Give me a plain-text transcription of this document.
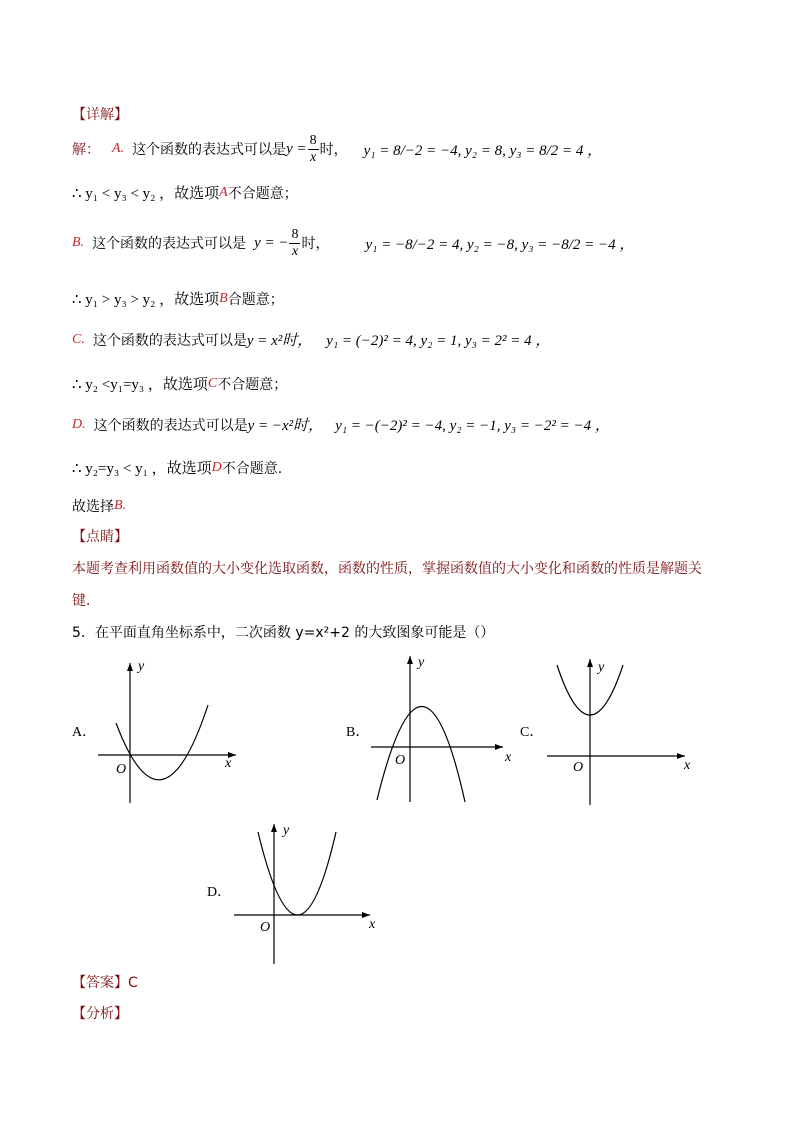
【详解】
解： A. 这个函数的表达式可以是 $y = \frac{8}{x}$ 时， y₁ = 8/−2 = −4, y₂ = 8, y₃ = 8/2 = 4 ，
∴ y₁ < y₃ < y₂ ，故选项 A 不合题意；
B. 这个函数的表达式可以是 y = − $\frac{8}{x}$ 时， y₁ = −8/−2 = 4, y₂ = −8, y₃ = −8/2 = −4 ，
∴ y₁ > y₃ > y₂ ，故选项 B 合题意；
C. 这个函数的表达式可以是 y = x²时， y₁ = (−2)² = 4, y₂ = 1, y₃ = 2² = 4 ，
∴ y₂ <y₁=y₃ ，故选项 C 不合题意；
D. 这个函数的表达式可以是 y = −x²时， y₁ = −(−2)² = −4, y₂ = −1, y₃ = −2² = −4 ，
∴ y₂=y₃ < y₁ ，故选项 D 不合题意.
故选择 B.
【点睛】
本题考查利用函数值的大小变化选取函数，函数的性质，掌握函数值的大小变化和函数的性质是解题关
键．
5．在平面直角坐标系中，二次函数 y=x²+2 的大致图象可能是（）
A．
y
x
O
B．
y
x
O
C．
y
x
O
D．
y
x
O
【答案】C
【分析】
